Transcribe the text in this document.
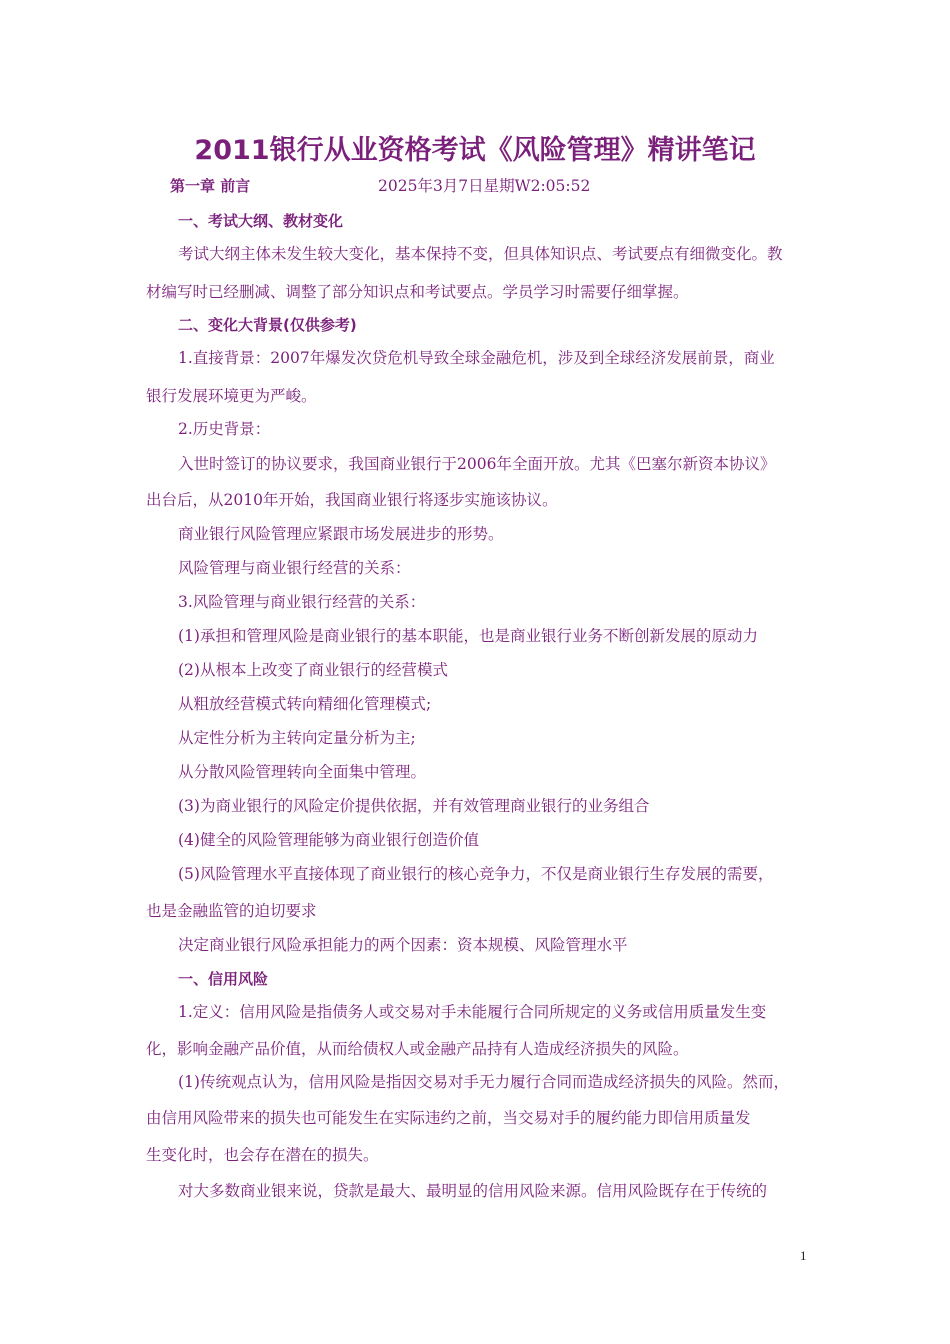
2011银行从业资格考试《风险管理》精讲笔记
第一章 前言	2025年3月7日星期W2:05:52
一、考试大纲、教材变化
考试大纲主体未发生较大变化，基本保持不变，但具体知识点、考试要点有细微变化。教
材编写时已经删减、调整了部分知识点和考试要点。学员学习时需要仔细掌握。
二、变化大背景(仅供参考)
1.直接背景：2007年爆发次贷危机导致全球金融危机，涉及到全球经济发展前景，商业
银行发展环境更为严峻。
2.历史背景：
入世时签订的协议要求，我国商业银行于2006年全面开放。尤其《巴塞尔新资本协议》
出台后，从2010年开始，我国商业银行将逐步实施该协议。
商业银行风险管理应紧跟市场发展进步的形势。
风险管理与商业银行经营的关系：
3.风险管理与商业银行经营的关系：
(1)承担和管理风险是商业银行的基本职能，也是商业银行业务不断创新发展的原动力
(2)从根本上改变了商业银行的经营模式
从粗放经营模式转向精细化管理模式;
从定性分析为主转向定量分析为主;
从分散风险管理转向全面集中管理。
(3)为商业银行的风险定价提供依据，并有效管理商业银行的业务组合
(4)健全的风险管理能够为商业银行创造价值
(5)风险管理水平直接体现了商业银行的核心竞争力，不仅是商业银行生存发展的需要，
也是金融监管的迫切要求
决定商业银行风险承担能力的两个因素：资本规模、风险管理水平
一、信用风险
1.定义：信用风险是指债务人或交易对手未能履行合同所规定的义务或信用质量发生变
化，影响金融产品价值，从而给债权人或金融产品持有人造成经济损失的风险。
(1)传统观点认为，信用风险是指因交易对手无力履行合同而造成经济损失的风险。然而，
由信用风险带来的损失也可能发生在实际违约之前，当交易对手的履约能力即信用质量发
生变化时，也会存在潜在的损失。
对大多数商业银来说，贷款是最大、最明显的信用风险来源。信用风险既存在于传统的
1
